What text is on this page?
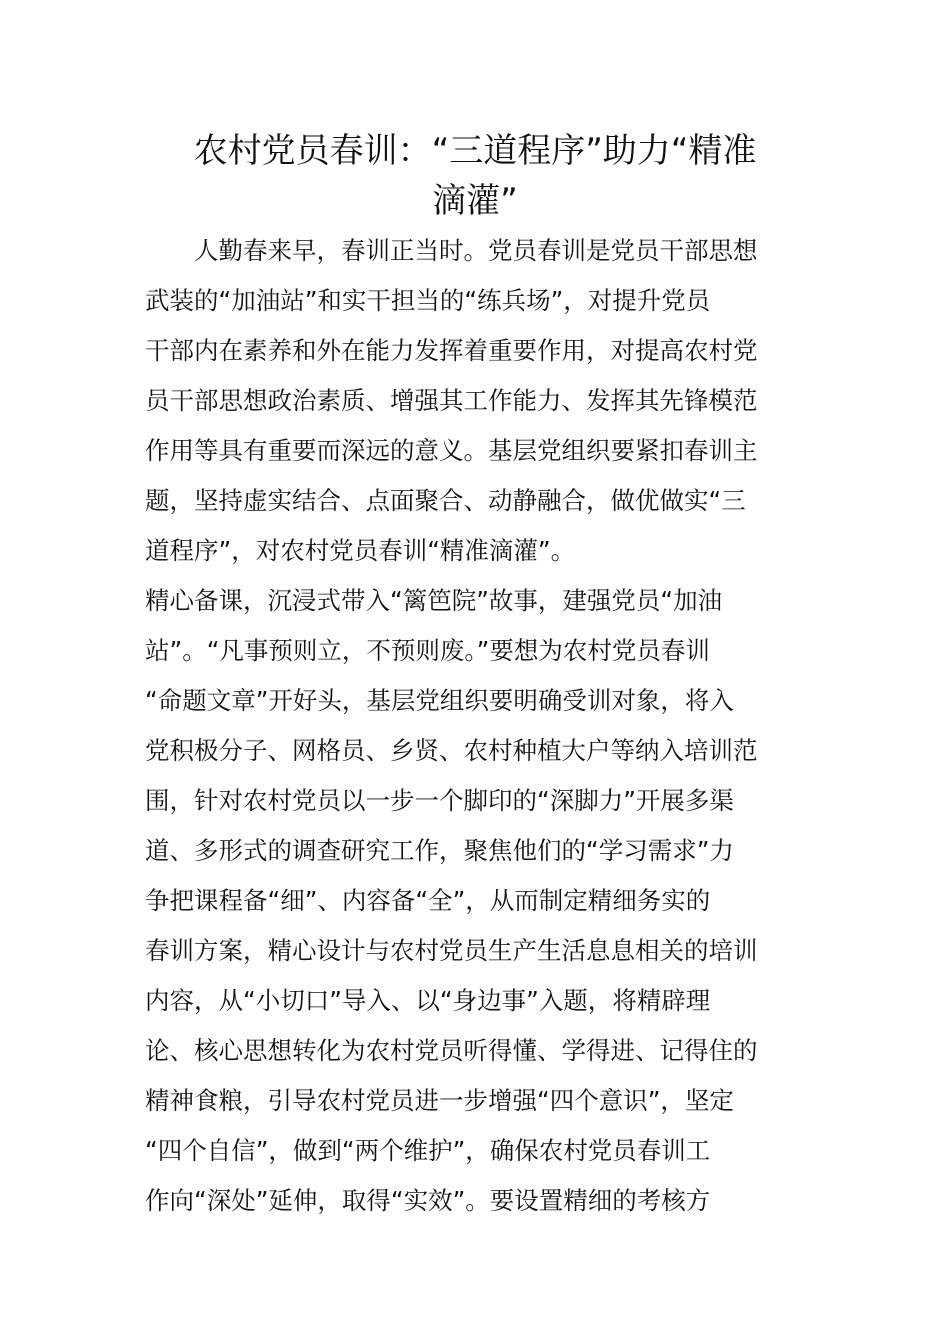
农村党员春训：“三道程序”助力“精准
滴灌”

　　人勤春来早，春训正当时。党员春训是党员干部思想

武装的“加油站”和实干担当的“练兵场”，对提升党员

干部内在素养和外在能力发挥着重要作用，对提高农村党

员干部思想政治素质、增强其工作能力、发挥其先锋模范

作用等具有重要而深远的意义。基层党组织要紧扣春训主

题，坚持虚实结合、点面聚合、动静融合，做优做实“三

道程序”，对农村党员春训“精准滴灌”。

精心备课，沉浸式带入“篱笆院”故事，建强党员“加油

站”。“凡事预则立，不预则废。”要想为农村党员春训

“命题文章”开好头，基层党组织要明确受训对象，将入

党积极分子、网格员、乡贤、农村种植大户等纳入培训范

围，针对农村党员以一步一个脚印的“深脚力”开展多渠

道、多形式的调查研究工作，聚焦他们的“学习需求”力

争把课程备“细”、内容备“全”，从而制定精细务实的

春训方案，精心设计与农村党员生产生活息息相关的培训

内容，从“小切口”导入、以“身边事”入题，将精辟理

论、核心思想转化为农村党员听得懂、学得进、记得住的

精神食粮，引导农村党员进一步增强“四个意识”，坚定

“四个自信”，做到“两个维护”，确保农村党员春训工

作向“深处”延伸，取得“实效”。要设置精细的考核方
